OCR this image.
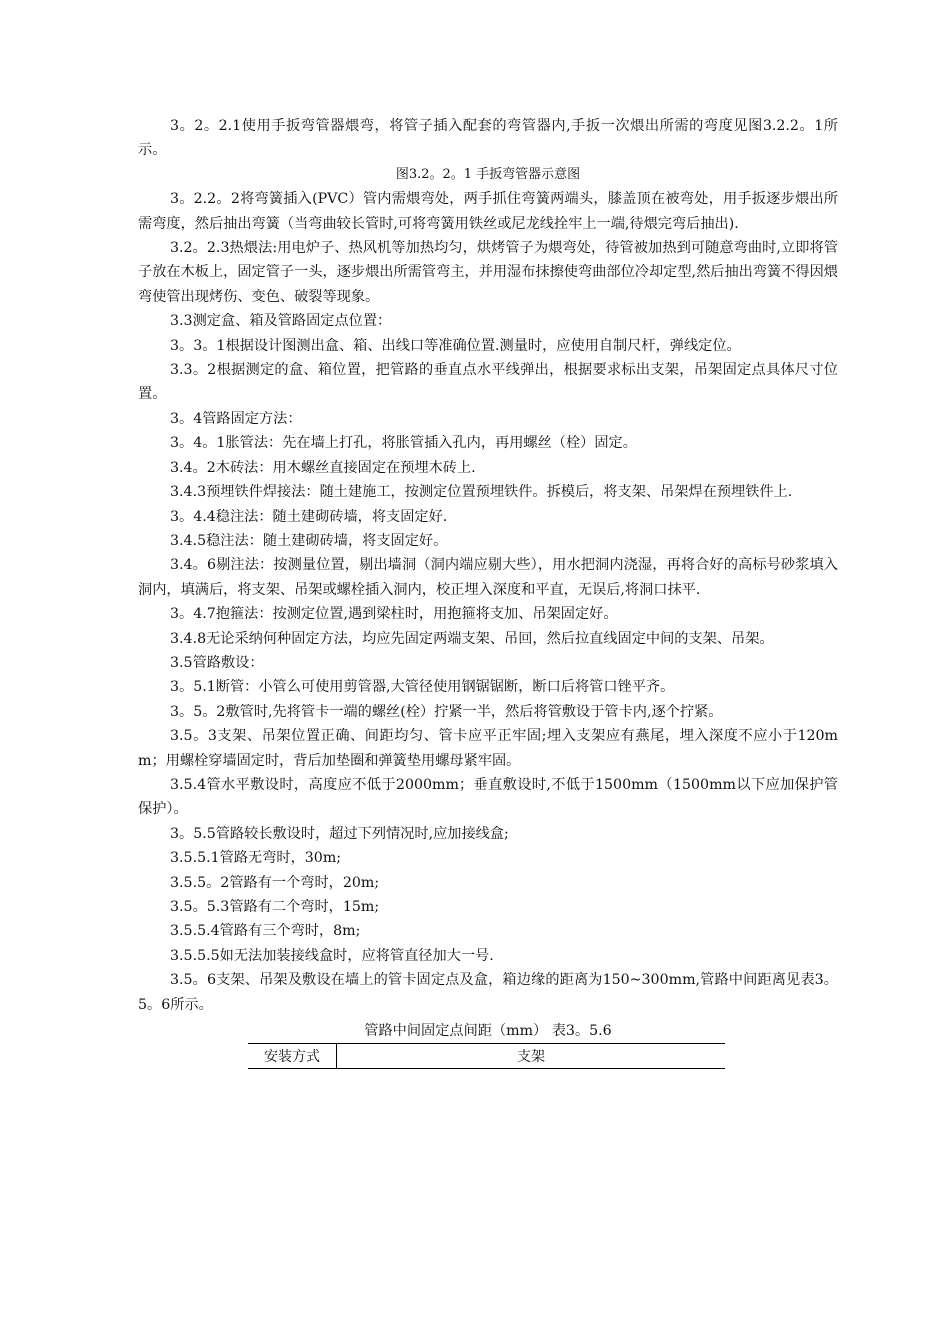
3。2。2.1使用手扳弯管器煨弯，将管子插入配套的弯管器内,手扳一次煨出所需的弯度见图3.2.2。1所示。

图3.2。2。1 手扳弯管器示意图

3。2.2。2将弯簧插入(PVC）管内需煨弯处，两手抓住弯簧两端头，膝盖顶在被弯处，用手扳逐步煨出所需弯度，然后抽出弯簧（当弯曲较长管时,可将弯簧用铁丝或尼龙线拴牢上一端,待煨完弯后抽出).

3.2。2.3热煨法:用电炉子、热风机等加热均匀，烘烤管子为煨弯处，待管被加热到可随意弯曲时,立即将管子放在木板上，固定管子一头，逐步煨出所需管弯主，并用湿布抹擦使弯曲部位冷却定型,然后抽出弯簧不得因煨弯使管出现烤伤、变色、破裂等现象。

3.3测定盒、箱及管路固定点位置：

3。3。1根据设计图测出盒、箱、出线口等准确位置.测量时，应使用自制尺杆，弹线定位。

3.3。2根据测定的盒、箱位置，把管路的垂直点水平线弹出，根据要求标出支架，吊架固定点具体尺寸位置。

3。4管路固定方法：

3。4。1胀管法：先在墙上打孔，将胀管插入孔内，再用螺丝（栓）固定。

3.4。2木砖法：用木螺丝直接固定在预埋木砖上.

3.4.3预埋铁件焊接法：随土建施工，按测定位置预埋铁件。拆模后，将支架、吊架焊在预埋铁件上.

3。4.4稳注法：随土建砌砖墙，将支固定好.

3.4.5稳注法：随土建砌砖墙，将支固定好。

3.4。6剔注法：按测量位置，剔出墙洞（洞内端应剔大些），用水把洞内浇湿，再将合好的高标号砂浆填入洞内，填满后，将支架、吊架或螺栓插入洞内，校正埋入深度和平直，无误后,将洞口抹平.

3。4.7抱箍法：按测定位置,遇到梁柱时，用抱箍将支加、吊架固定好。

3.4.8无论采纳何种固定方法，均应先固定两端支架、吊回，然后拉直线固定中间的支架、吊架。

3.5管路敷设：

3。5.1断管：小管么可使用剪管器,大管径使用钢锯锯断，断口后将管口锉平齐。

3。5。2敷管时,先将管卡一端的螺丝(栓）拧紧一半，然后将管敷设于管卡内,逐个拧紧。

3.5。3支架、吊架位置正确、间距均匀、管卡应平正牢固;埋入支架应有燕尾，埋入深度不应小于120mm；用螺栓穿墙固定时，背后加垫圈和弹簧垫用螺母紧牢固。

3.5.4管水平敷设时，高度应不低于2000mm；垂直敷设时,不低于1500mm（1500mm以下应加保护管保护）。

3。5.5管路较长敷设时，超过下列情况时,应加接线盒;

3.5.5.1管路无弯时，30m;

3.5.5。2管路有一个弯时，20m;

3.5。5.3管路有二个弯时，15m;

3.5.5.4管路有三个弯时，8m;

3.5.5.5如无法加装接线盒时，应将管直径加大一号.

3.5。6支架、吊架及敷设在墙上的管卡固定点及盒，箱边缘的距离为150~300mm,管路中间距离见表3。5。6所示。

管路中间固定点间距（mm） 表3。5.6

安装方式	支架
